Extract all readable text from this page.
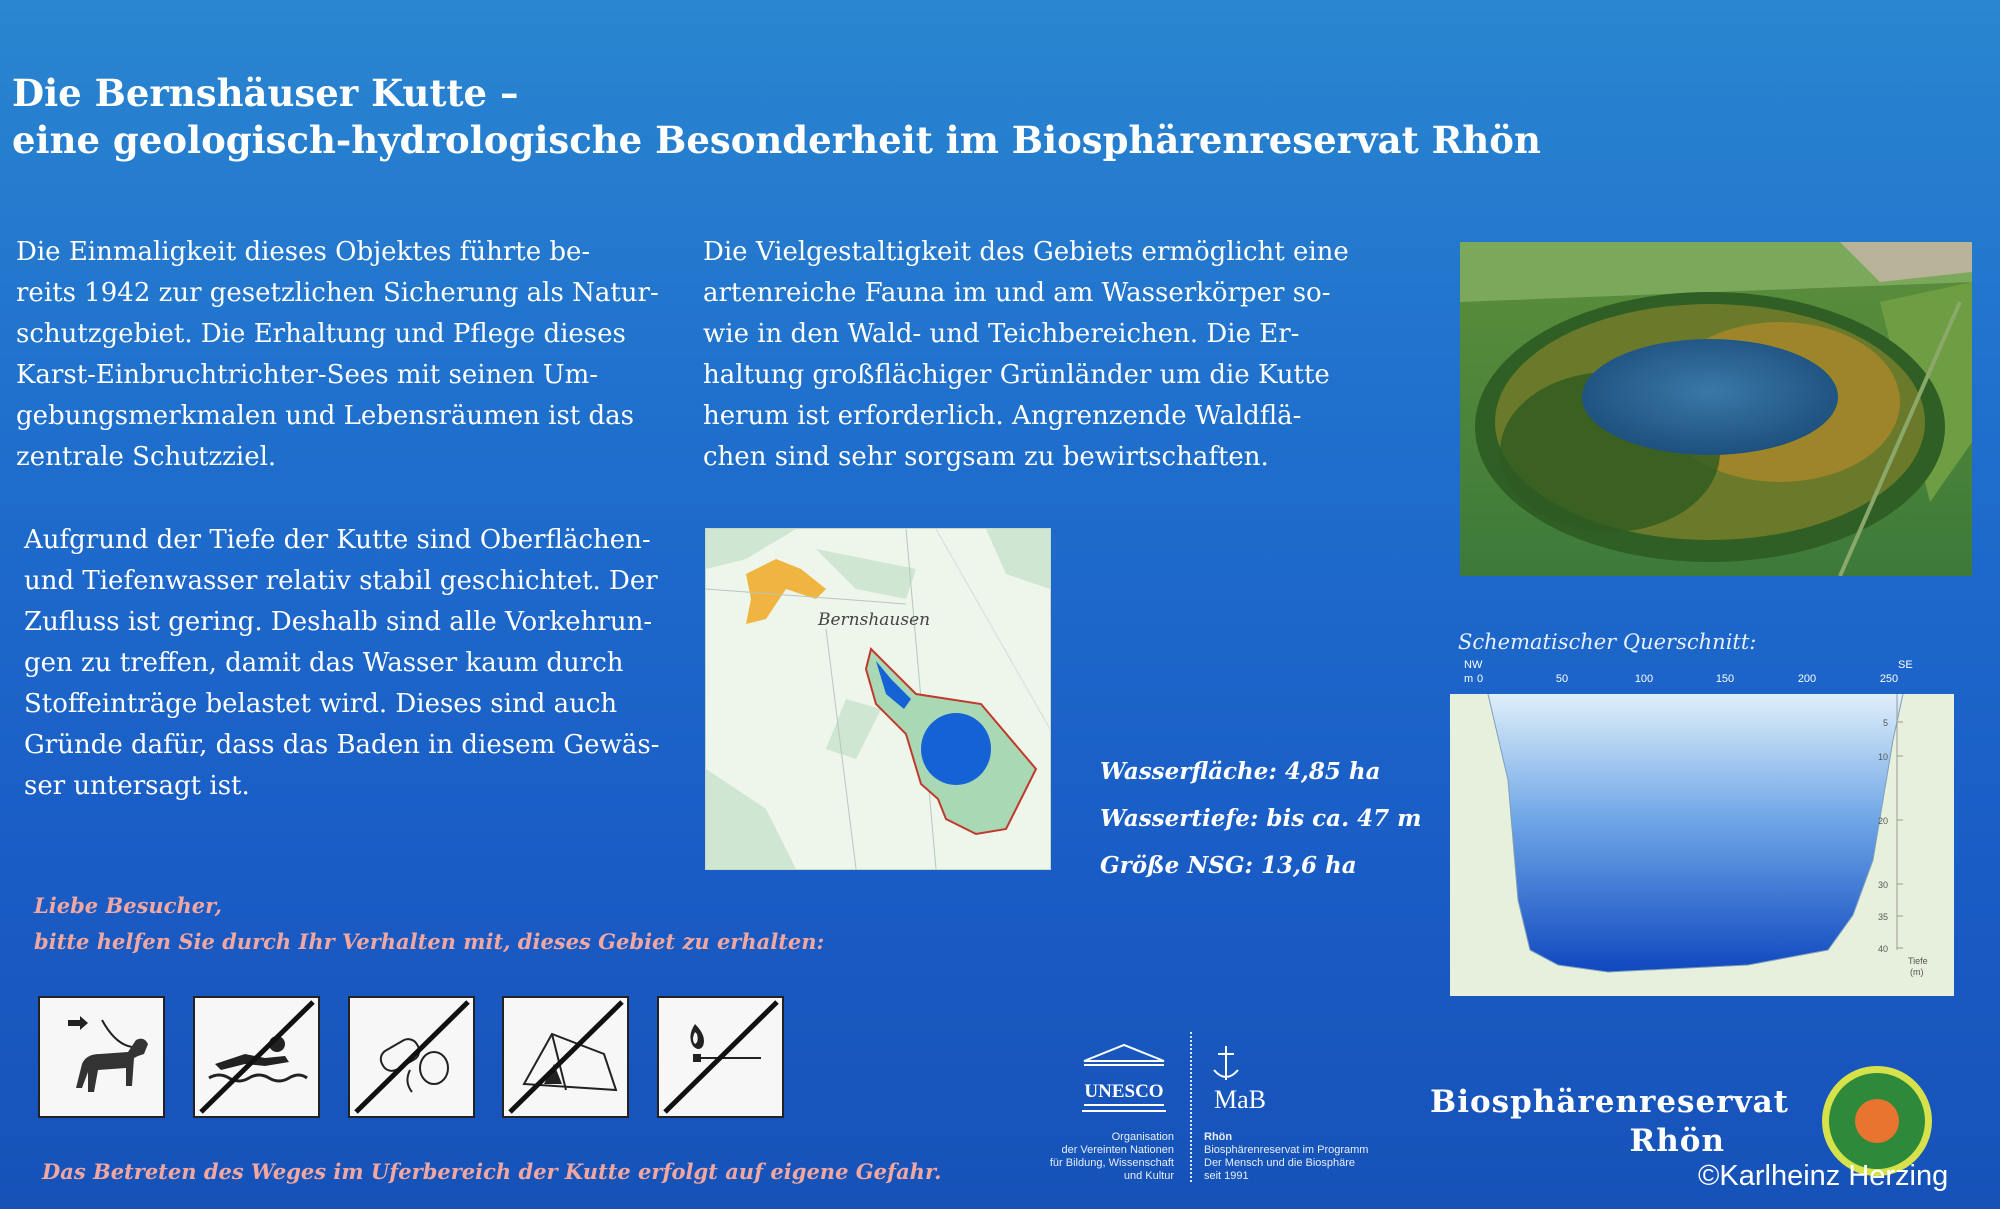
Die Bernshäuser Kutte –
eine geologisch-hydrologische Besonderheit im Biosphärenreservat Rhön
Die Einmaligkeit dieses Objektes führte be-
reits 1942 zur gesetzlichen Sicherung als Natur-
schutzgebiet. Die Erhaltung und Pflege dieses
Karst-Einbruchtrichter-Sees mit seinen Um-
gebungsmerkmalen und Lebensräumen ist das
zentrale Schutzziel.
Aufgrund der Tiefe der Kutte sind Oberflächen-
und Tiefenwasser relativ stabil geschichtet. Der
Zufluss ist gering. Deshalb sind alle Vorkehrun-
gen zu treffen, damit das Wasser kaum durch
Stoffeinträge belastet wird. Dieses sind auch
Gründe dafür, dass das Baden in diesem Gewäs-
ser untersagt ist.
Die Vielgestaltigkeit des Gebiets ermöglicht eine
artenreiche Fauna im und am Wasserkörper so-
wie in den Wald- und Teichbereichen. Die Er-
haltung großflächiger Grünländer um die Kutte
herum ist erforderlich. Angrenzende Waldflä-
chen sind sehr sorgsam zu bewirtschaften.
Bernshausen
Wasserfläche: 4,85 ha
Wassertiefe: bis ca. 47 m
Größe NSG: 13,6 ha
Schematischer Querschnitt:
NW	SE
m 0	50	100	150	200	250
5
10
20
30
35
40
Tiefe
(m)
Liebe Besucher,
bitte helfen Sie durch Ihr Verhalten mit, dieses Gebiet zu erhalten:
Das Betreten des Weges im Uferbereich der Kutte erfolgt auf eigene Gefahr.
UNESCO
Organisation
der Vereinten Nationen
für Bildung, Wissenschaft
und Kultur
MaB
Rhön
Biosphärenreservat im Programm
Der Mensch und die Biosphäre
seit 1991
Biosphärenreservat
Rhön
©Karlheinz Herzing
